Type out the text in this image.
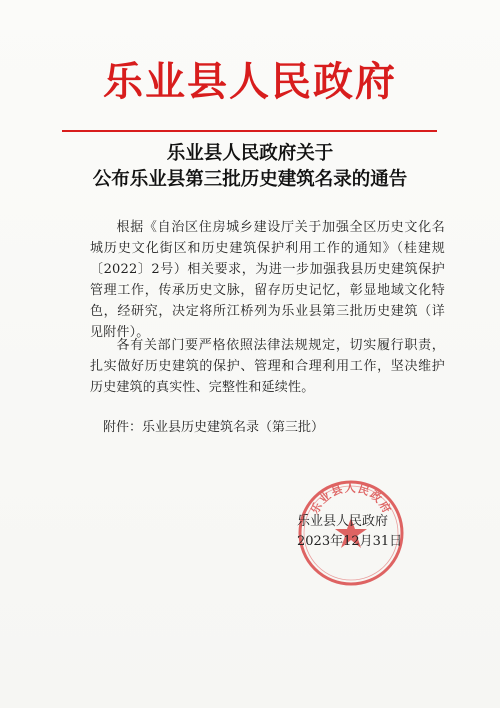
乐业县人民政府
乐业县人民政府关于
公布乐业县第三批历史建筑名录的通告
根据《自治区住房城乡建设厅关于加强全区历史文化名城历史文化街区和历史建筑保护利用工作的通知》（桂建规〔2022〕2号）相关要求，为进一步加强我县历史建筑保护管理工作，传承历史文脉，留存历史记忆，彰显地域文化特色，经研究，决定将所江桥列为乐业县第三批历史建筑（详见附件）。
各有关部门要严格依照法律法规规定，切实履行职责，扎实做好历史建筑的保护、管理和合理利用工作，坚决维护历史建筑的真实性、完整性和延续性。
附件：乐业县历史建筑名录（第三批）
乐业县人民政府
乐业县人民政府
2023年12月31日
